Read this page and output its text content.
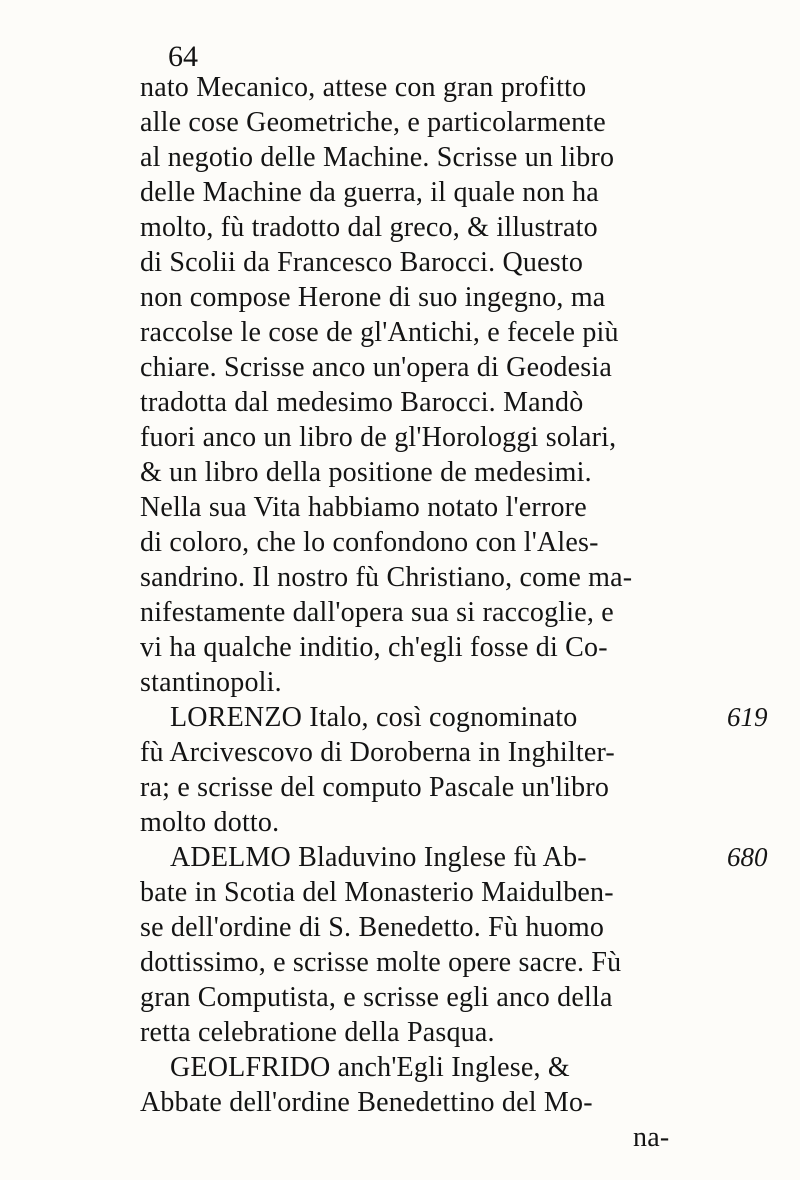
64
nato Mecanico, attese con gran profitto
alle cose Geometriche, e particolarmente
al negotio delle Machine. Scrisse un libro
delle Machine da guerra, il quale non ha
molto, fù tradotto dal greco, & illustrato
di Scolii da Francesco Barocci. Questo
non compose Herone di suo ingegno, ma
raccolse le cose de gl'Antichi, e fecele più
chiare. Scrisse anco un'opera di Geodesia
tradotta dal medesimo Barocci. Mandò
fuori anco un libro de gl'Horologgi solari,
& un libro della positione de medesimi.
Nella sua Vita habbiamo notato l'errore
di coloro, che lo confondono con l'Ales-
sandrino. Il nostro fù Christiano, come ma-
nifestamente dall'opera sua si raccoglie, e
vi ha qualche inditio, ch'egli fosse di Co-
stantinopoli.
LORENZO Italo, così cognominato
fù Arcivescovo di Doroberna in Inghilter-
ra; e scrisse del computo Pascale un'libro
molto dotto.
ADELMO Bladuvino Inglese fù Ab-
bate in Scotia del Monasterio Maidulben-
se dell'ordine di S. Benedetto. Fù huomo
dottissimo, e scrisse molte opere sacre. Fù
gran Computista, e scrisse egli anco della
retta celebratione della Pasqua.
GEOLFRIDO anch'Egli Inglese, &
Abbate dell'ordine Benedettino del Mo-
na-
619
680
